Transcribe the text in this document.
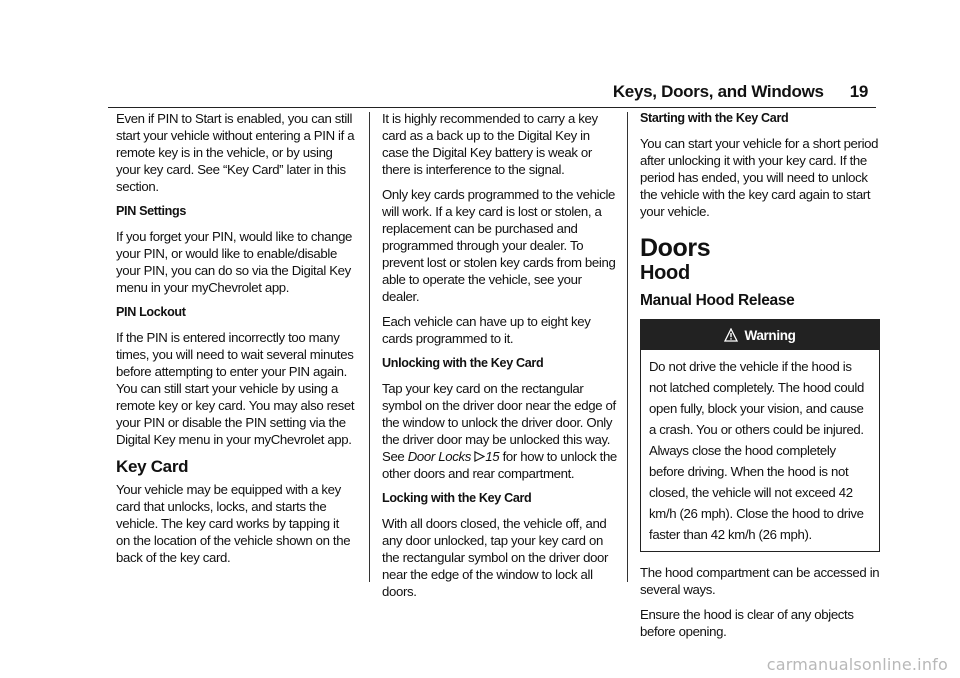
Keys, Doors, and Windows 19

Even if PIN to Start is enabled, you can still start your vehicle without entering a PIN if a remote key is in the vehicle, or by using your key card. See “Key Card” later in this section.

PIN Settings

If you forget your PIN, would like to change your PIN, or would like to enable/disable your PIN, you can do so via the Digital Key menu in your myChevrolet app.

PIN Lockout

If the PIN is entered incorrectly too many times, you will need to wait several minutes before attempting to enter your PIN again. You can still start your vehicle by using a remote key or key card. You may also reset your PIN or disable the PIN setting via the Digital Key menu in your myChevrolet app.

Key Card

Your vehicle may be equipped with a key card that unlocks, locks, and starts the vehicle. The key card works by tapping it on the location of the vehicle shown on the back of the key card.

It is highly recommended to carry a key card as a back up to the Digital Key in case the Digital Key battery is weak or there is interference to the signal.

Only key cards programmed to the vehicle will work. If a key card is lost or stolen, a replacement can be purchased and programmed through your dealer. To prevent lost or stolen key cards from being able to operate the vehicle, see your dealer.

Each vehicle can have up to eight key cards programmed to it.

Unlocking with the Key Card

Tap your key card on the rectangular symbol on the driver door near the edge of the window to unlock the driver door. Only the driver door may be unlocked this way.

See Door Locks 15 for how to unlock the other doors and rear compartment.

Locking with the Key Card

With all doors closed, the vehicle off, and any door unlocked, tap your key card on the rectangular symbol on the driver door near the edge of the window to lock all doors.

Starting with the Key Card

You can start your vehicle for a short period after unlocking it with your key card. If the period has ended, you will need to unlock the vehicle with the key card again to start your vehicle.

Doors
Hood
Manual Hood Release
Warning
Do not drive the vehicle if the hood is not latched completely. The hood could open fully, block your vision, and cause a crash. You or others could be injured. Always close the hood completely before driving. When the hood is not closed, the vehicle will not exceed 42 km/h (26 mph). Close the hood to drive faster than 42 km/h (26 mph).

The hood compartment can be accessed in several ways.

Ensure the hood is clear of any objects before opening.

carmanualsonline.info
